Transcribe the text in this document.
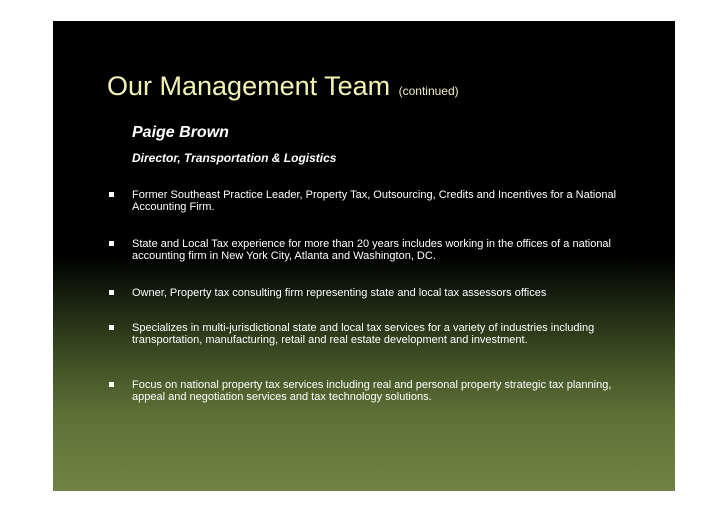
Our Management Team (continued)
Paige Brown
Director, Transportation & Logistics
Former Southeast Practice Leader, Property Tax, Outsourcing, Credits and Incentives for a National Accounting Firm.
State and Local Tax experience for more than 20 years includes working in the offices of a national accounting firm in New York City, Atlanta and Washington, DC.
Owner, Property tax consulting firm representing state and local tax assessors offices
Specializes in multi-jurisdictional state and local tax services for a variety of industries including transportation, manufacturing, retail and real estate development and investment.
Focus on national property tax services including real and personal property strategic tax planning, appeal and negotiation services and tax technology solutions.
